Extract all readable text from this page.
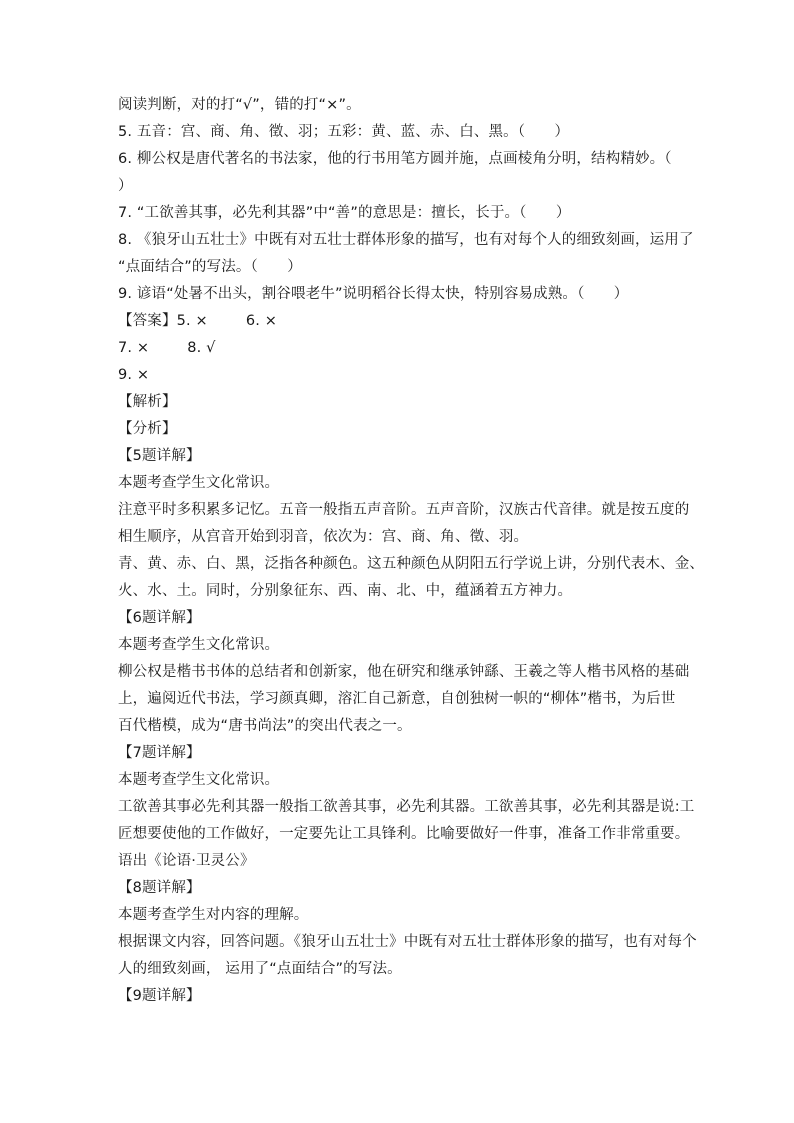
阅读判断，对的打“√”，错的打“×”。
5. 五音：宫、商、角、徵、羽；五彩：黄、蓝、赤、白、黑。（　　）
6. 柳公权是唐代著名的书法家，他的行书用笔方圆并施，点画棱角分明，结构精妙。（
）
7. “工欲善其事，必先利其器”中“善”的意思是：擅长，长于。（　　）
8. 《狼牙山五壮士》中既有对五壮士群体形象的描写，也有对每个人的细致刻画，运用了
“点面结合”的写法。（　　）
9. 谚语“处暑不出头，割谷喂老牛”说明稻谷长得太快，特别容易成熟。（　　）
【答案】5. ×	6. ×
7. ×	8. √
9. ×
【解析】
【分析】
【5题详解】
本题考查学生文化常识。
注意平时多积累多记忆。五音一般指五声音阶。五声音阶，汉族古代音律。就是按五度的
相生顺序，从宫音开始到羽音，依次为：宫、商、角、徵、羽。
青、黄、赤、白、黑，泛指各种颜色。这五种颜色从阴阳五行学说上讲，分别代表木、金、
火、水、土。同时，分别象征东、西、南、北、中，蕴涵着五方神力。
【6题详解】
本题考查学生文化常识。
柳公权是楷书书体的总结者和创新家，他在研究和继承钟繇、王羲之等人楷书风格的基础
上，遍阅近代书法，学习颜真卿，溶汇自己新意，自创独树一帜的“柳体”楷书，为后世
百代楷模，成为“唐书尚法”的突出代表之一。
【7题详解】
本题考查学生文化常识。
工欲善其事必先利其器一般指工欲善其事，必先利其器。工欲善其事，必先利其器是说:工
匠想要使他的工作做好，一定要先让工具锋利。比喻要做好一件事，准备工作非常重要。
语出《论语·卫灵公》
【8题详解】
本题考查学生对内容的理解。
根据课文内容，回答问题。《狼牙山五壮士》中既有对五壮士群体形象的描写，也有对每个
人的细致刻画， 运用了“点面结合”的写法。
【9题详解】
